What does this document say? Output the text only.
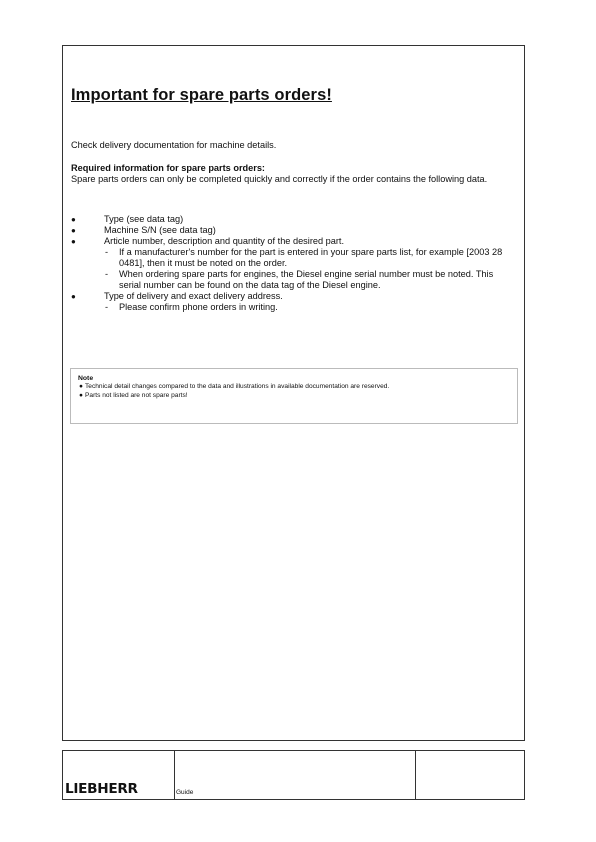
Important for spare parts orders!
Check delivery documentation for machine details.
Required information for spare parts orders:
Spare parts orders can only be completed quickly and correctly if the order contains the following data.
●	Type (see data tag)
●	Machine S/N (see data tag)
●	Article number, description and quantity of the desired part.
- If a manufacturer's number for the part is entered in your spare parts list, for example [2003 28 0481], then it must be noted on the order.
- When ordering spare parts for engines, the Diesel engine serial number must be noted. This serial number can be found on the data tag of the Diesel engine.
●	Type of delivery and exact delivery address.
- Please confirm phone orders in writing.
Note
● Technical detail changes compared to the data and illustrations in available documentation are reserved.
● Parts not listed are not spare parts!
LIEBHERR	Guide
